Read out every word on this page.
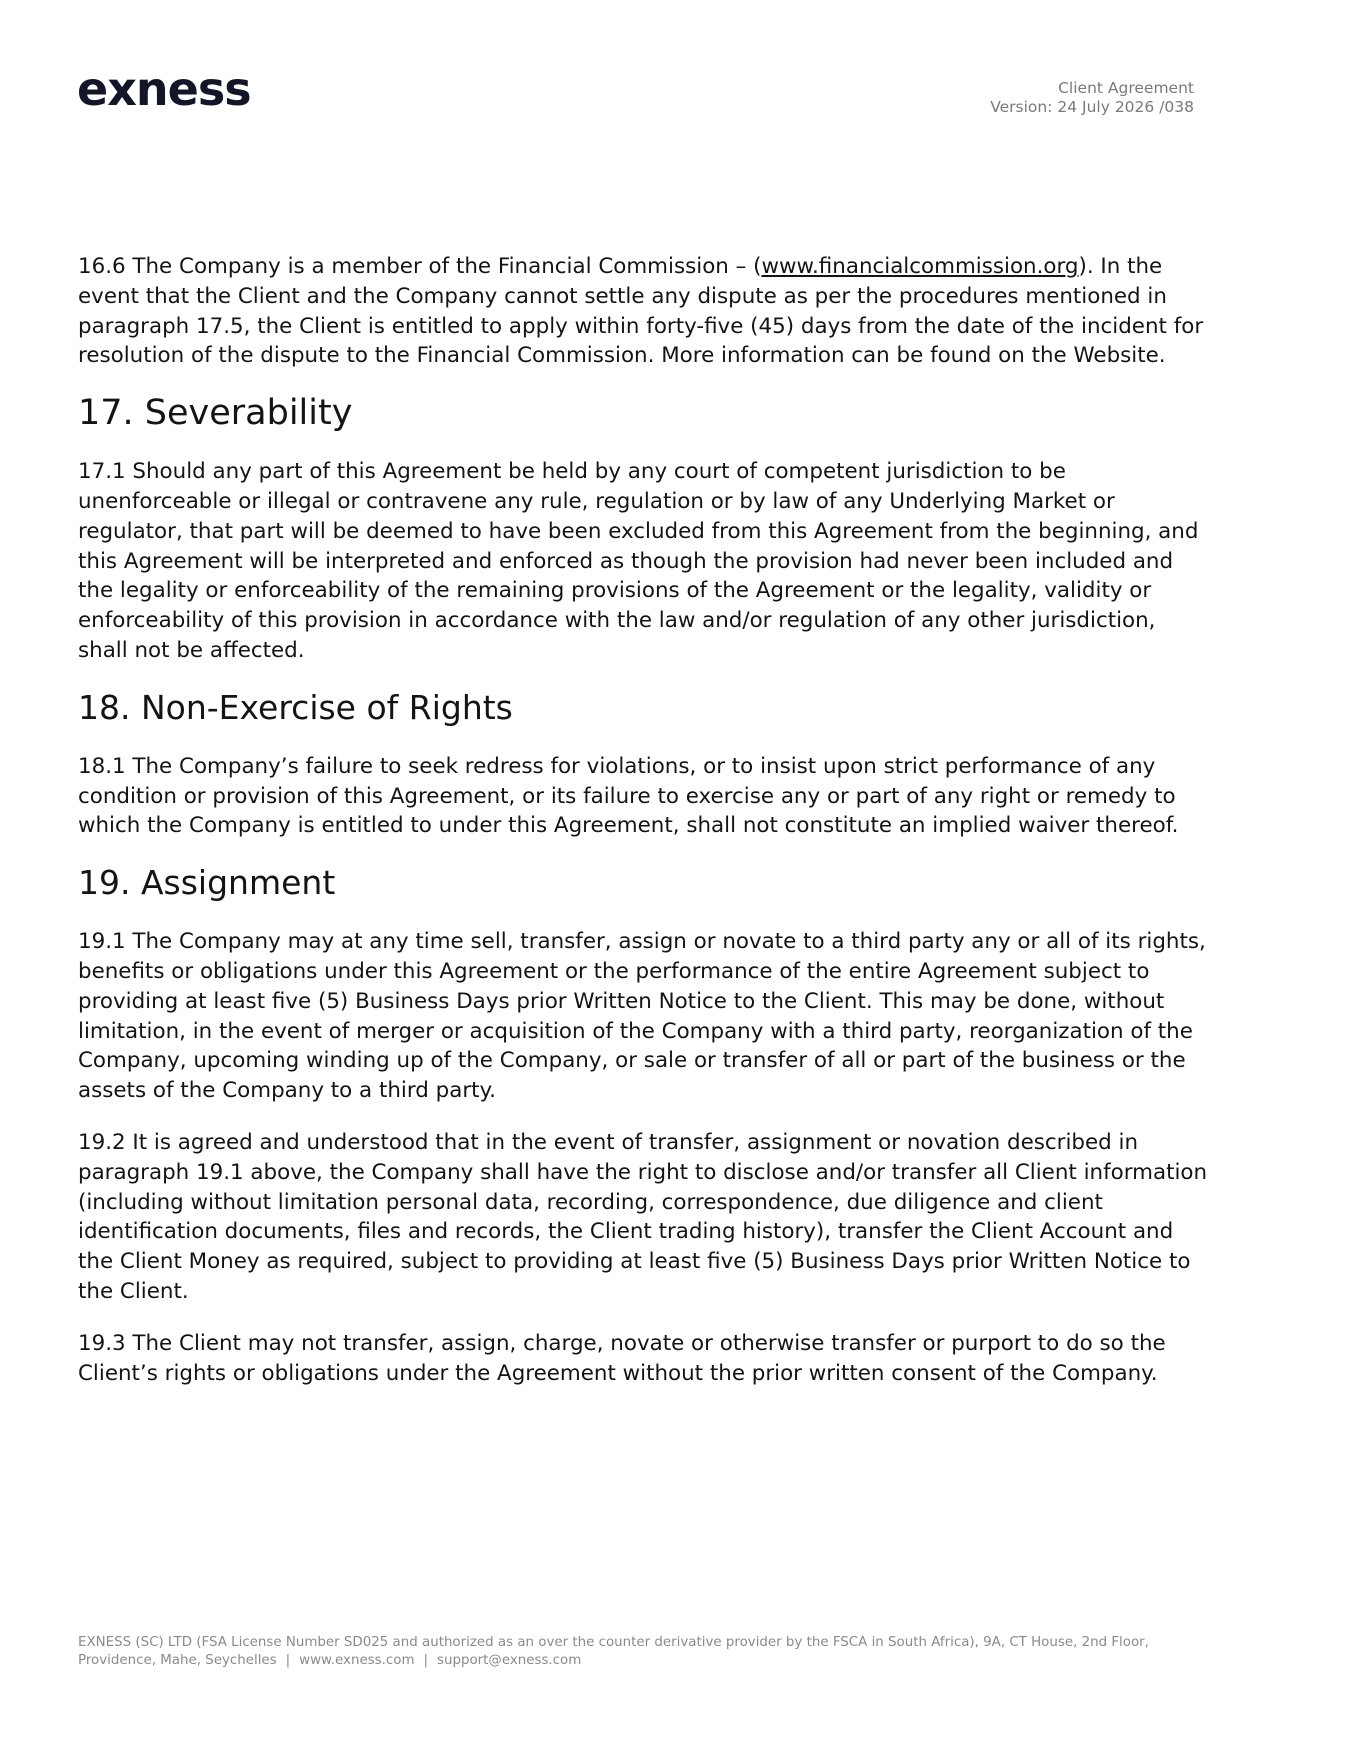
exness	Client Agreement
Version: 24 July 2026 /038

16.6 The Company is a member of the Financial Commission – (www.financialcommission.org). In the event that the Client and the Company cannot settle any dispute as per the procedures mentioned in paragraph 17.5, the Client is entitled to apply within forty-five (45) days from the date of the incident for resolution of the dispute to the Financial Commission. More information can be found on the Website.

17. Severability

17.1 Should any part of this Agreement be held by any court of competent jurisdiction to be unenforceable or illegal or contravene any rule, regulation or by law of any Underlying Market or regulator, that part will be deemed to have been excluded from this Agreement from the beginning, and this Agreement will be interpreted and enforced as though the provision had never been included and the legality or enforceability of the remaining provisions of the Agreement or the legality, validity or enforceability of this provision in accordance with the law and/or regulation of any other jurisdiction, shall not be affected.

18. Non-Exercise of Rights

18.1 The Company’s failure to seek redress for violations, or to insist upon strict performance of any condition or provision of this Agreement, or its failure to exercise any or part of any right or remedy to which the Company is entitled to under this Agreement, shall not constitute an implied waiver thereof.

19. Assignment

19.1 The Company may at any time sell, transfer, assign or novate to a third party any or all of its rights, benefits or obligations under this Agreement or the performance of the entire Agreement subject to providing at least five (5) Business Days prior Written Notice to the Client. This may be done, without limitation, in the event of merger or acquisition of the Company with a third party, reorganization of the Company, upcoming winding up of the Company, or sale or transfer of all or part of the business or the assets of the Company to a third party.

19.2 It is agreed and understood that in the event of transfer, assignment or novation described in paragraph 19.1 above, the Company shall have the right to disclose and/or transfer all Client information (including without limitation personal data, recording, correspondence, due diligence and client identification documents, files and records, the Client trading history), transfer the Client Account and the Client Money as required, subject to providing at least five (5) Business Days prior Written Notice to the Client.

19.3 The Client may not transfer, assign, charge, novate or otherwise transfer or purport to do so the Client’s rights or obligations under the Agreement without the prior written consent of the Company.

EXNESS (SC) LTD (FSA License Number SD025 and authorized as an over the counter derivative provider by the FSCA in South Africa), 9A, CT House, 2nd Floor, Providence, Mahe, Seychelles | www.exness.com | support@exness.com
